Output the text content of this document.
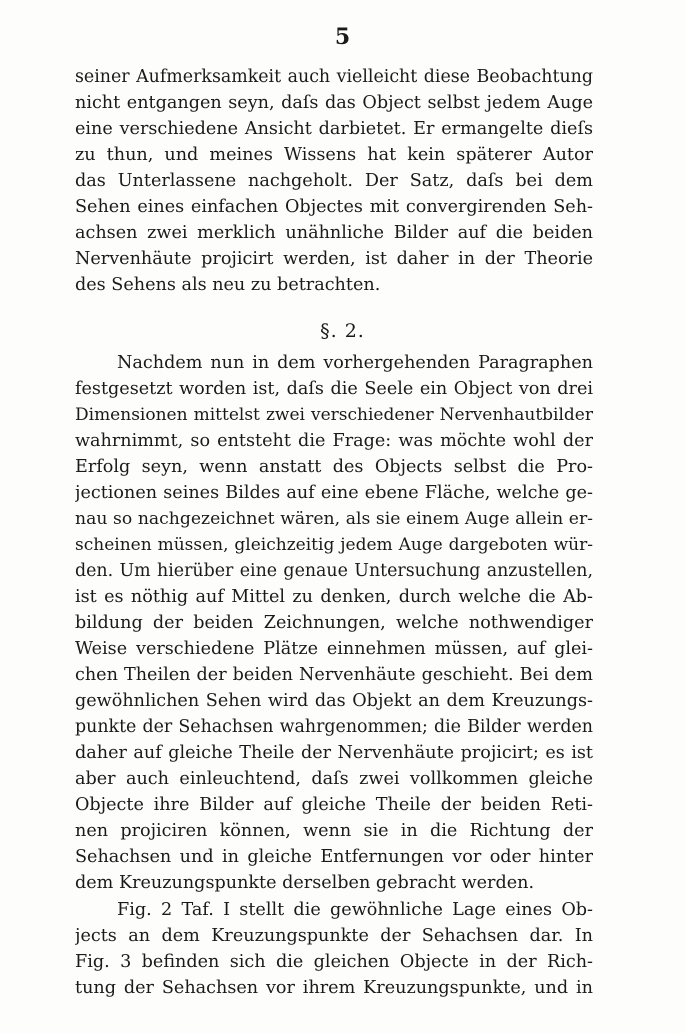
5
seiner Aufmerksamkeit auch vielleicht diese Beobachtung
nicht entgangen seyn, daſs das Object selbst jedem Auge
eine verschiedene Ansicht darbietet. Er ermangelte dieſs
zu thun, und meines Wissens hat kein späterer Autor
das Unterlassene nachgeholt. Der Satz, daſs bei dem
Sehen eines einfachen Objectes mit convergirenden Seh-
achsen zwei merklich unähnliche Bilder auf die beiden
Nervenhäute projicirt werden, ist daher in der Theorie
des Sehens als neu zu betrachten.
§. 2.
Nachdem nun in dem vorhergehenden Paragraphen
festgesetzt worden ist, daſs die Seele ein Object von drei
Dimensionen mittelst zwei verschiedener Nervenhautbilder
wahrnimmt, so entsteht die Frage: was möchte wohl der
Erfolg seyn, wenn anstatt des Objects selbst die Pro-
jectionen seines Bildes auf eine ebene Fläche, welche ge-
nau so nachgezeichnet wären, als sie einem Auge allein er-
scheinen müssen, gleichzeitig jedem Auge dargeboten wür-
den. Um hierüber eine genaue Untersuchung anzustellen,
ist es nöthig auf Mittel zu denken, durch welche die Ab-
bildung der beiden Zeichnungen, welche nothwendiger
Weise verschiedene Plätze einnehmen müssen, auf glei-
chen Theilen der beiden Nervenhäute geschieht. Bei dem
gewöhnlichen Sehen wird das Objekt an dem Kreuzungs-
punkte der Sehachsen wahrgenommen; die Bilder werden
daher auf gleiche Theile der Nervenhäute projicirt; es ist
aber auch einleuchtend, daſs zwei vollkommen gleiche
Objecte ihre Bilder auf gleiche Theile der beiden Reti-
nen projiciren können, wenn sie in die Richtung der
Sehachsen und in gleiche Entfernungen vor oder hinter
dem Kreuzungspunkte derselben gebracht werden.
Fig. 2 Taf. I stellt die gewöhnliche Lage eines Ob-
jects an dem Kreuzungspunkte der Sehachsen dar. In
Fig. 3 befinden sich die gleichen Objecte in der Rich-
tung der Sehachsen vor ihrem Kreuzungspunkte, und in
